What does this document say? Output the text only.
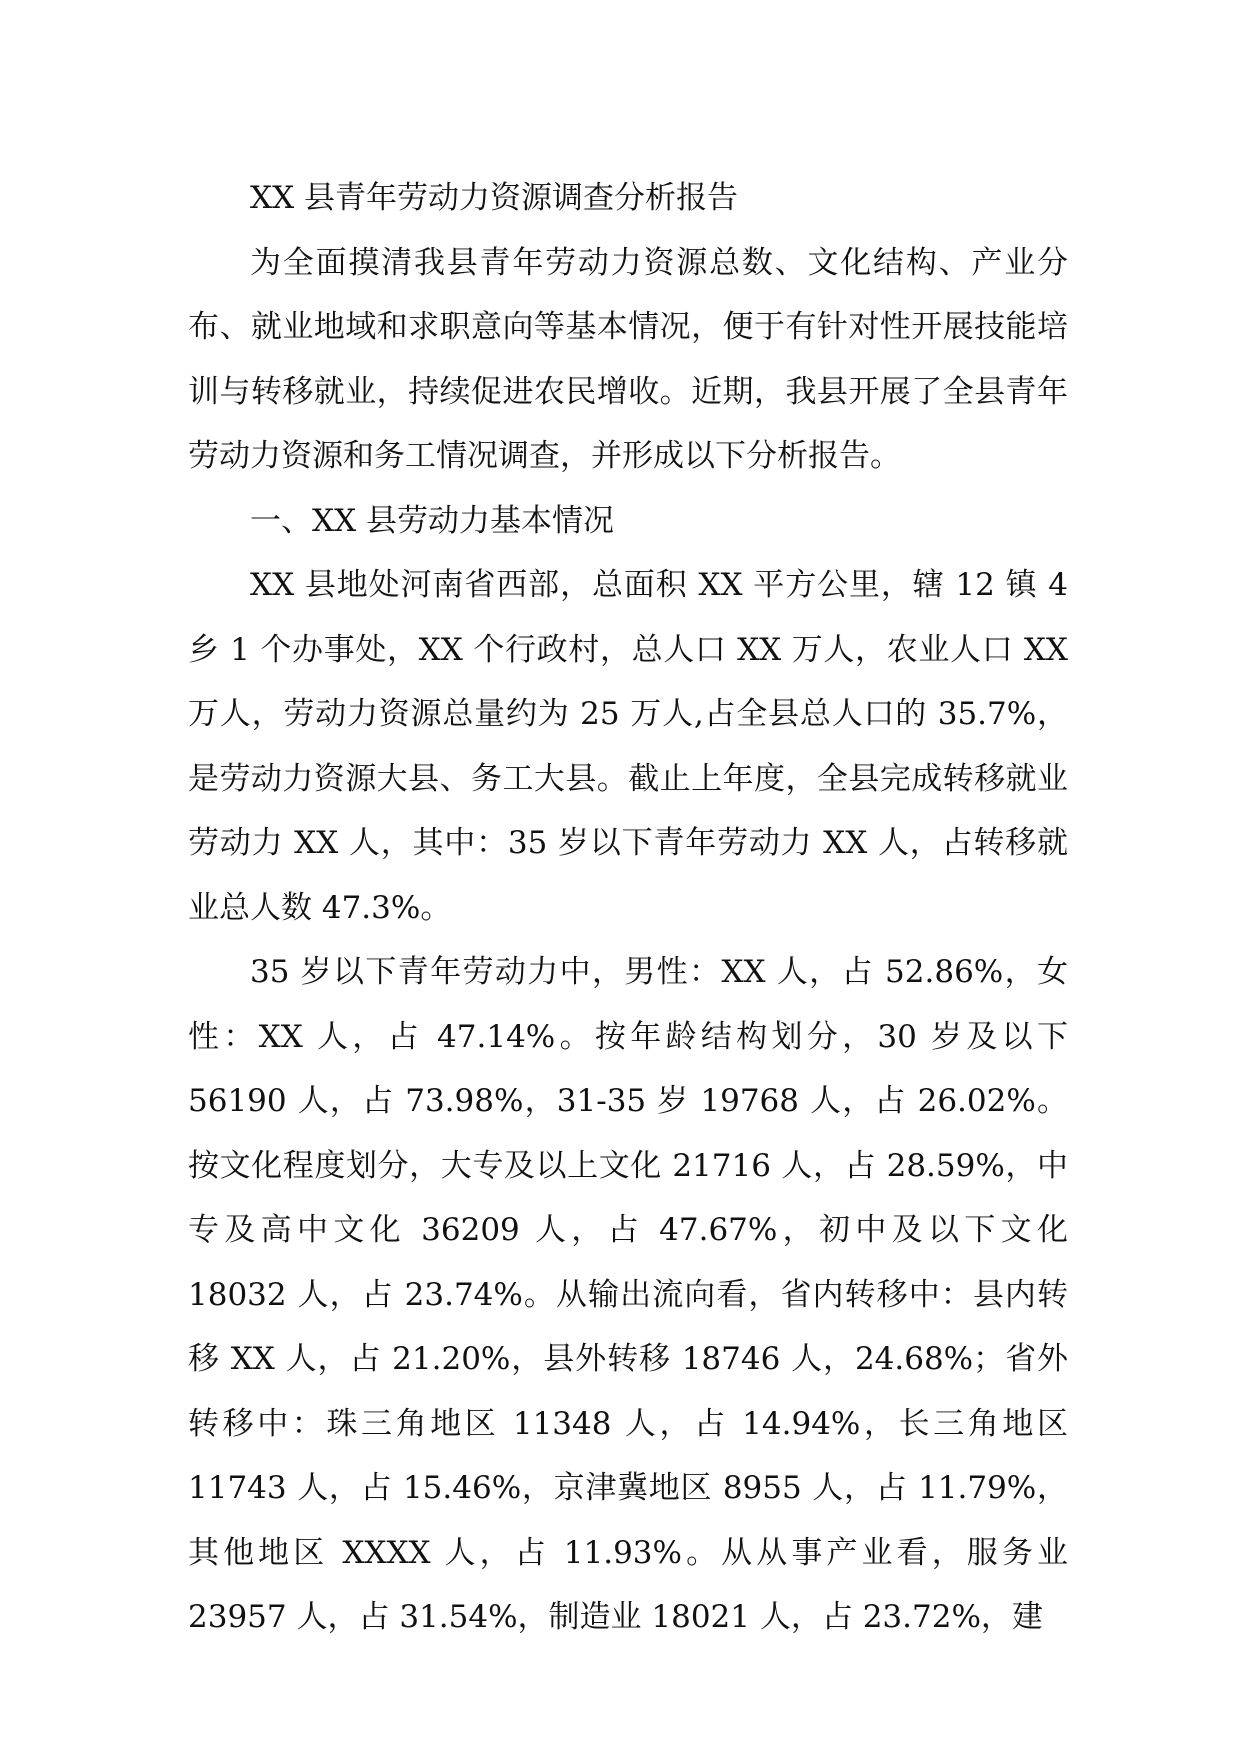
XX 县青年劳动力资源调查分析报告

为全面摸清我县青年劳动力资源总数、文化结构、产业分布、就业地域和求职意向等基本情况，便于有针对性开展技能培训与转移就业，持续促进农民增收。近期，我县开展了全县青年劳动力资源和务工情况调查，并形成以下分析报告。

一、XX 县劳动力基本情况

XX 县地处河南省西部，总面积 XX 平方公里，辖 12 镇 4 乡 1 个办事处，XX 个行政村，总人口 XX 万人，农业人口 XX 万人，劳动力资源总量约为 25 万人,占全县总人口的 35.7%，是劳动力资源大县、务工大县。截止上年度，全县完成转移就业劳动力 XX 人，其中：35 岁以下青年劳动力 XX 人，占转移就业总人数 47.3%。

35 岁以下青年劳动力中，男性：XX 人，占 52.86%，女性：XX 人，占 47.14%。按年龄结构划分，30 岁及以下 56190 人，占 73.98%，31-35 岁 19768 人，占 26.02%。按文化程度划分，大专及以上文化 21716 人，占 28.59%，中专及高中文化 36209 人，占 47.67%，初中及以下文化 18032 人，占 23.74%。从输出流向看，省内转移中：县内转移 XX 人，占 21.20%，县外转移 18746 人，24.68%；省外转移中：珠三角地区 11348 人，占 14.94%，长三角地区 11743 人，占 15.46%，京津冀地区 8955 人，占 11.79%，其他地区 XXXX 人，占 11.93%。从从事产业看，服务业 23957 人，占 31.54%，制造业 18021 人，占 23.72%，建
